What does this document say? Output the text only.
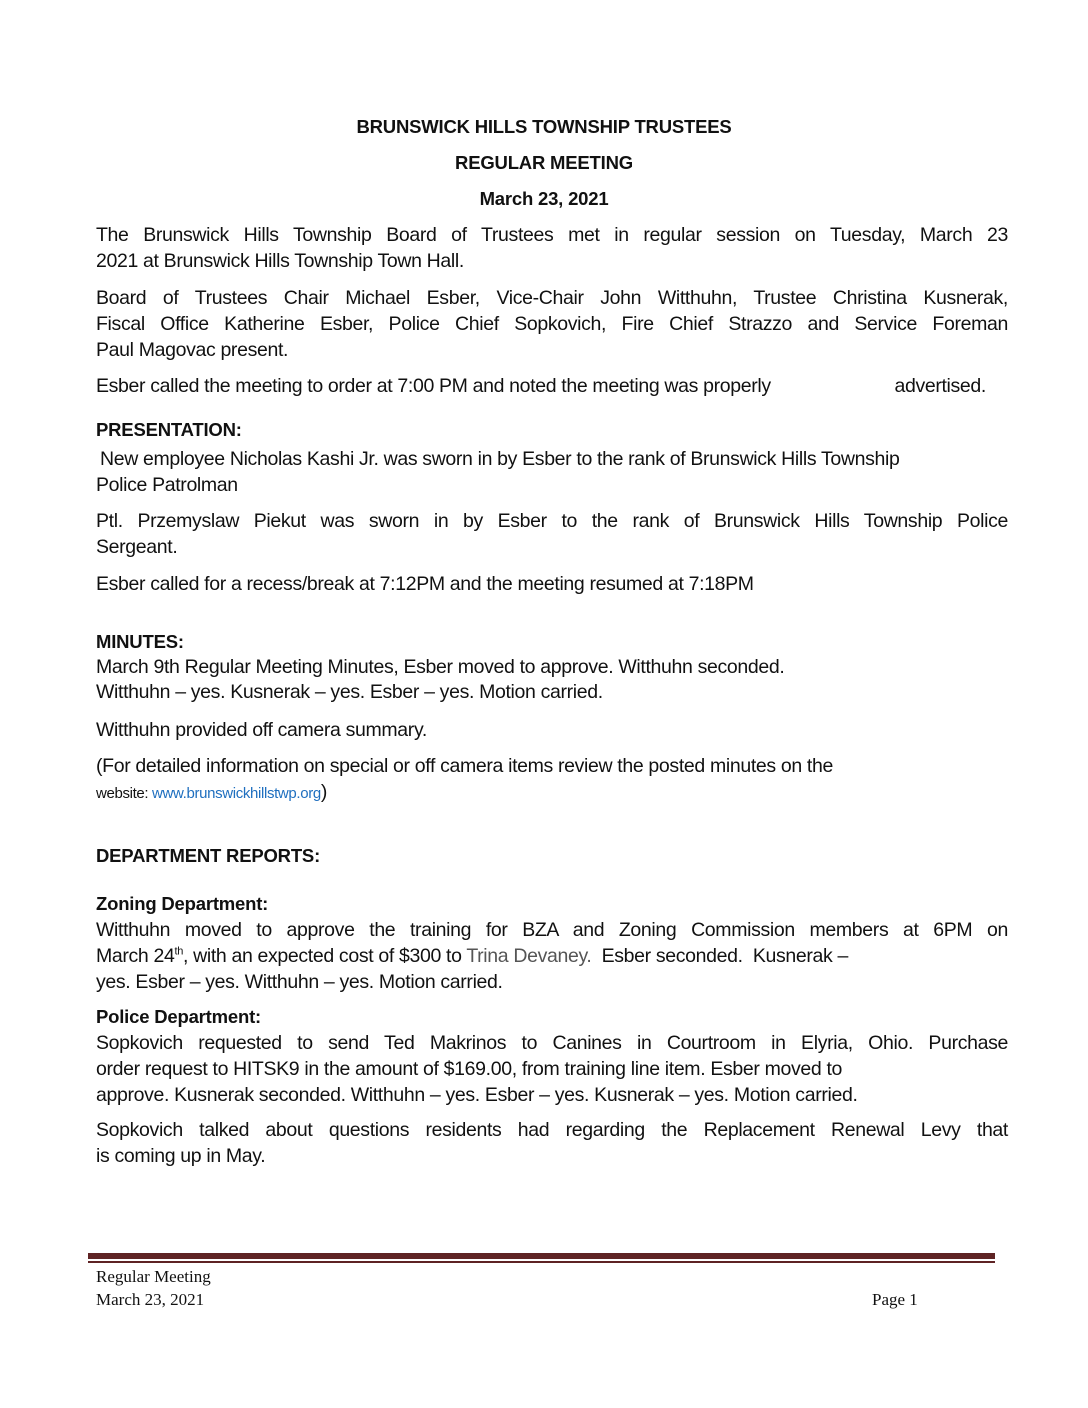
BRUNSWICK HILLS TOWNSHIP TRUSTEES
REGULAR MEETING
March 23, 2021
The Brunswick Hills Township Board of Trustees met in regular session on Tuesday, March 23
2021 at Brunswick Hills Township Town Hall.
Board of Trustees Chair Michael Esber, Vice-Chair John Witthuhn, Trustee Christina Kusnerak,
Fiscal Office Katherine Esber, Police Chief Sopkovich, Fire Chief Strazzo and Service Foreman
Paul Magovac present.
Esber called the meeting to order at 7:00 PM and noted the meeting was properly	advertised.
PRESENTATION:
New employee Nicholas Kashi Jr. was sworn in by Esber to the rank of Brunswick Hills Township
Police Patrolman
Ptl. Przemyslaw Piekut was sworn in by Esber to the rank of Brunswick Hills Township Police
Sergeant.
Esber called for a recess/break at 7:12PM and the meeting resumed at 7:18PM
MINUTES:
March 9th Regular Meeting Minutes, Esber moved to approve. Witthuhn seconded.
Witthuhn – yes. Kusnerak – yes. Esber – yes. Motion carried.
Witthuhn provided off camera summary.
(For detailed information on special or off camera items review the posted minutes on the
website: www.brunswickhillstwp.org)
DEPARTMENT REPORTS:
Zoning Department:
Witthuhn moved to approve the training for BZA and Zoning Commission members at 6PM on
March 24th, with an expected cost of $300 to Trina Devaney.  Esber seconded.  Kusnerak –
yes. Esber – yes. Witthuhn – yes. Motion carried.
Police Department:
Sopkovich requested to send Ted Makrinos to Canines in Courtroom in Elyria, Ohio. Purchase
order request to HITSK9 in the amount of $169.00, from training line item. Esber moved to
approve. Kusnerak seconded. Witthuhn – yes. Esber – yes. Kusnerak – yes. Motion carried.
Sopkovich talked about questions residents had regarding the Replacement Renewal Levy that
is coming up in May.
Regular Meeting
March 23, 2021	Page 1
